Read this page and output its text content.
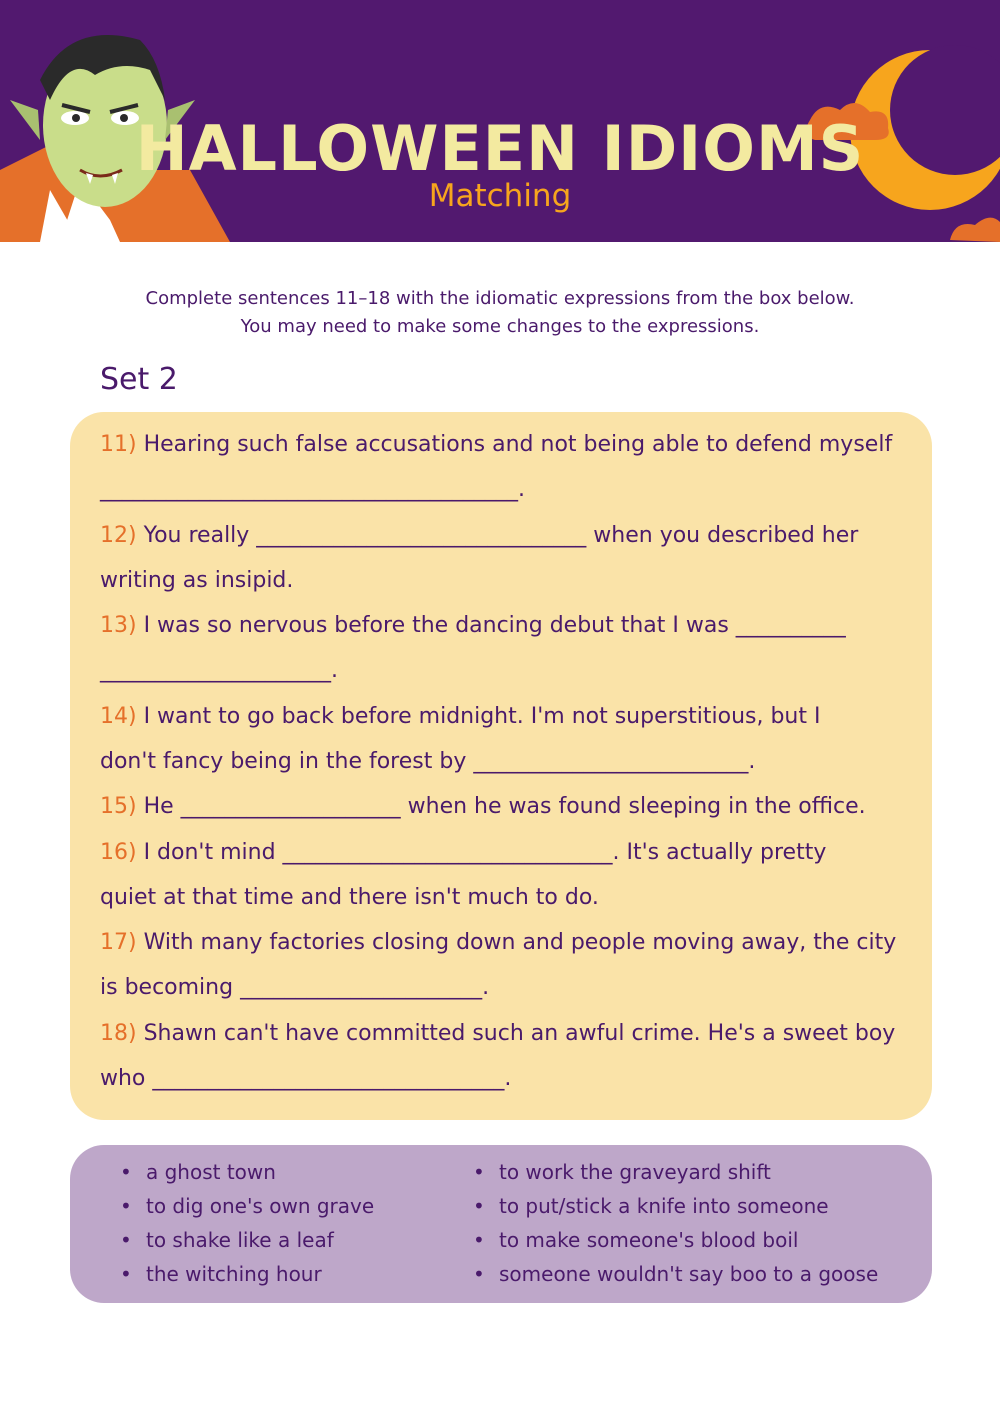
HALLOWEEN IDIOMS
Matching
Complete sentences 11–18 with the idiomatic expressions from the box below.
You may need to make some changes to the expressions.
Set 2
11) Hearing such false accusations and not being able to defend myself
______________________________________.
12) You really ______________________________ when you described her
writing as insipid.
13) I was so nervous before the dancing debut that I was __________
_____________________.
14) I want to go back before midnight. I'm not superstitious, but I
don't fancy being in the forest by _________________________.
15) He ____________________ when he was found sleeping in the office.
16) I don't mind ______________________________. It's actually pretty
quiet at that time and there isn't much to do.
17) With many factories closing down and people moving away, the city
is becoming ______________________.
18) Shawn can't have committed such an awful crime. He's a sweet boy
who ________________________________.
• a ghost town
• to dig one's own grave
• to shake like a leaf
• the witching hour
• to work the graveyard shift
• to put/stick a knife into someone
• to make someone's blood boil
• someone wouldn't say boo to a goose
